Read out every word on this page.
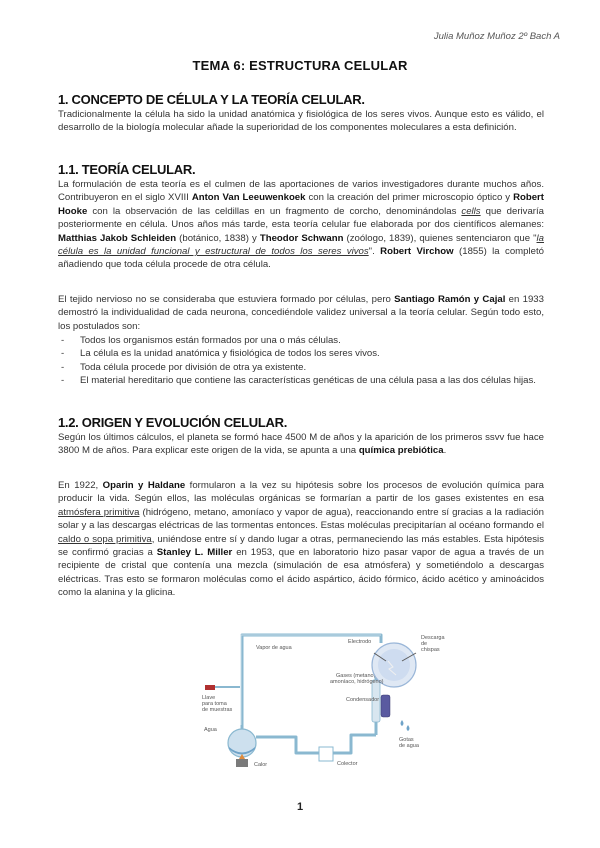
Julia Muñoz Muñoz 2º Bach A
TEMA 6: ESTRUCTURA CELULAR
1. CONCEPTO DE CÉLULA Y LA TEORÍA CELULAR.
Tradicionalmente la célula ha sido la unidad anatómica y fisiológica de los seres vivos. Aunque esto es válido, el desarrollo de la biología molecular añade la superioridad de los componentes moleculares a esta definición.
1.1. TEORÍA CELULAR.
La formulación de esta teoría es el culmen de las aportaciones de varios investigadores durante muchos años. Contribuyeron en el siglo XVIII Anton Van Leeuwenkoek con la creación del primer microscopio óptico y Robert Hooke con la observación de las celdillas en un fragmento de corcho, denominándolas cells que derivaría posteriormente en célula. Unos años más tarde, esta teoría celular fue elaborada por dos científicos alemanes: Matthias Jakob Schleiden (botánico, 1838) y Theodor Schwann (zoólogo, 1839), quienes sentenciaron que "la célula es la unidad funcional y estructural de todos los seres vivos". Robert Virchow (1855) la completó añadiendo que toda célula procede de otra célula.
El tejido nervioso no se consideraba que estuviera formado por células, pero Santiago Ramón y Cajal en 1933 demostró la individualidad de cada neurona, concediéndole validez universal a la teoría celular. Según todo esto, los postulados son:
- Todos los organismos están formados por una o más células.
- La célula es la unidad anatómica y fisiológica de todos los seres vivos.
- Toda célula procede por división de otra ya existente.
- El material hereditario que contiene las características genéticas de una célula pasa a las dos células hijas.
1.2. ORIGEN Y EVOLUCIÓN CELULAR.
Según los últimos cálculos, el planeta se formó hace 4500 M de años y la aparición de los primeros ssvv fue hace 3800 M de años. Para explicar este origen de la vida, se apunta a una química prebiótica.
En 1922, Oparin y Haldane formularon a la vez su hipótesis sobre los procesos de evolución química para producir la vida. Según ellos, las moléculas orgánicas se formarían a partir de los gases existentes en esa atmósfera primitiva (hidrógeno, metano, amoníaco y vapor de agua), reaccionando entre sí gracias a la radiación solar y a las descargas eléctricas de las tormentas entonces. Estas moléculas precipitarían al océano formando el caldo o sopa primitiva, uniéndose entre sí y dando lugar a otras, permaneciendo las más estables. Esta hipótesis se confirmó gracias a Stanley L. Miller en 1953, que en laboratorio hizo pasar vapor de agua a través de un recipiente de cristal que contenía una mezcla (simulación de esa atmósfera) y sometiéndolo a descargas eléctricas. Tras esto se formaron moléculas como el ácido aspártico, ácido fórmico, ácido acético y aminoácidos como la alanina y la glicina.
Vapor de agua
Electrodo
Descarga
de
chispas
Gases (metano,
amoníaco, hidrógeno)
Condensador
Llave
para toma
de muestras
Agua
Calor	Colector
Gotas
de agua
1
